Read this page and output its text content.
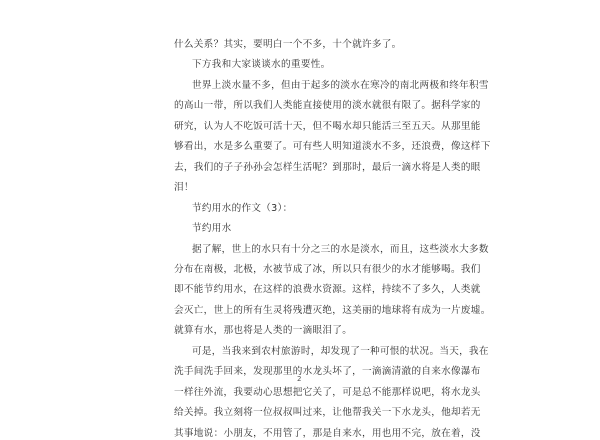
什么关系？其实，要明白一个不多，十个就许多了。
下方我和大家谈谈水的重要性。
世界上淡水量不多，但由于起多的淡水在寒冷的南北两极和终年积雪
的高山一带，所以我们人类能直接使用的淡水就很有限了。据科学家的
研究，认为人不吃饭可活十天，但不喝水却只能活三至五天。从那里能
够看出，水是多么重要了。可有些人明知道淡水不多，还浪费，像这样下
去，我们的子子孙孙会怎样生活呢？到那时，最后一滴水将是人类的眼
泪！
节约用水的作文（3）：
节约用水
据了解，世上的水只有十分之三的水是淡水，而且，这些淡水大多数
分布在南极，北极，水被节成了冰，所以只有很少的水才能够喝。我们
即不能节约用水，在这样的浪费水资源。这样，持续不了多久，人类就
会灭亡，世上的所有生灵将残遭灭绝，这美丽的地球将有成为一片废墟。
就算有水，那也将是人类的一滴眼泪了。
可是，当我来到农村旅游时，却发现了一种可恨的状况。当天，我在
洗手间洗手回来，发现那里的水龙头坏了，一滴滴清澈的自来水像瀑布
一样往外流，我要动心思想把它关了，可是总不能那样说吧，将水龙头
给关掉。我立刻将一位叔叔叫过来，让他帮我关一下水龙头，他却若无
其事地说：小朋友，不用管了，那是自来水，用也用不完，放在着，没
2
